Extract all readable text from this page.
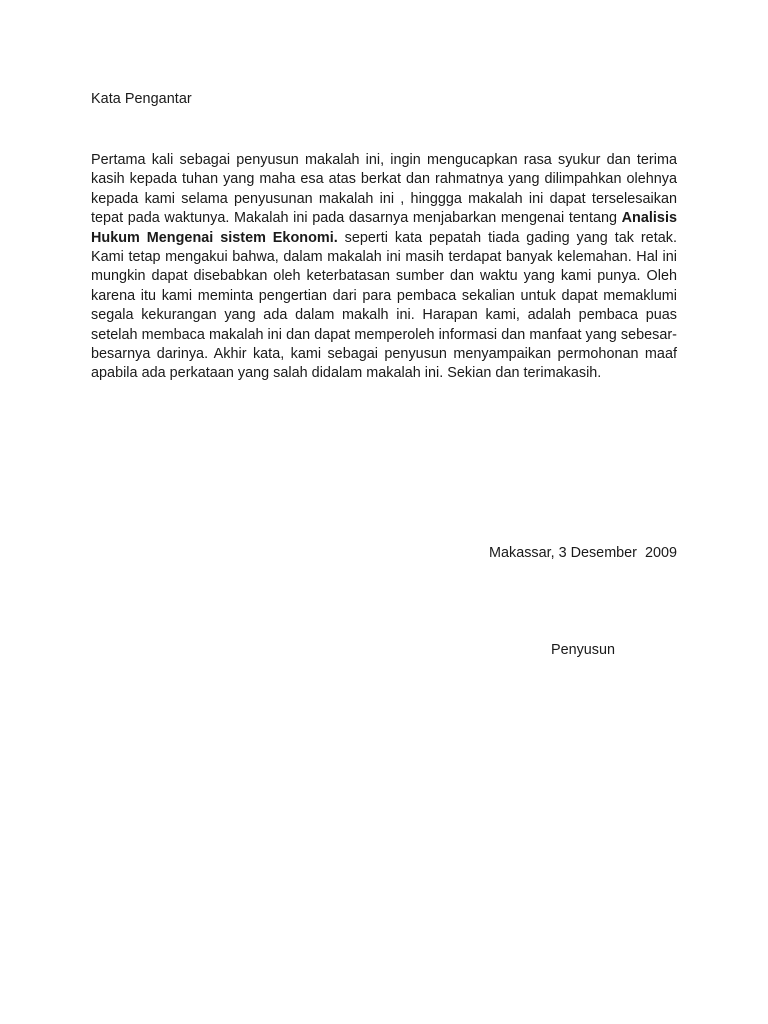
Kata Pengantar

Pertama kali sebagai penyusun makalah ini, ingin mengucapkan rasa syukur dan terima kasih kepada tuhan yang maha esa atas berkat dan rahmatnya yang dilimpahkan olehnya kepada kami selama penyusunan makalah ini , hinggga makalah ini dapat terselesaikan tepat pada waktunya. Makalah ini pada dasarnya menjabarkan mengenai tentang Analisis Hukum Mengenai sistem Ekonomi. seperti kata pepatah tiada gading yang tak retak. Kami tetap mengakui bahwa, dalam makalah ini masih terdapat banyak kelemahan. Hal ini mungkin dapat disebabkan oleh keterbatasan sumber dan waktu yang kami punya. Oleh karena itu kami meminta pengertian dari para pembaca sekalian untuk dapat memaklumi segala kekurangan yang ada dalam makalh ini. Harapan kami, adalah pembaca puas setelah membaca makalah ini dan dapat memperoleh informasi dan manfaat yang sebesar-besarnya darinya. Akhir kata, kami sebagai penyusun menyampaikan permohonan maaf apabila ada perkataan yang salah didalam makalah ini. Sekian dan terimakasih.

Makassar, 3 Desember  2009

Penyusun
